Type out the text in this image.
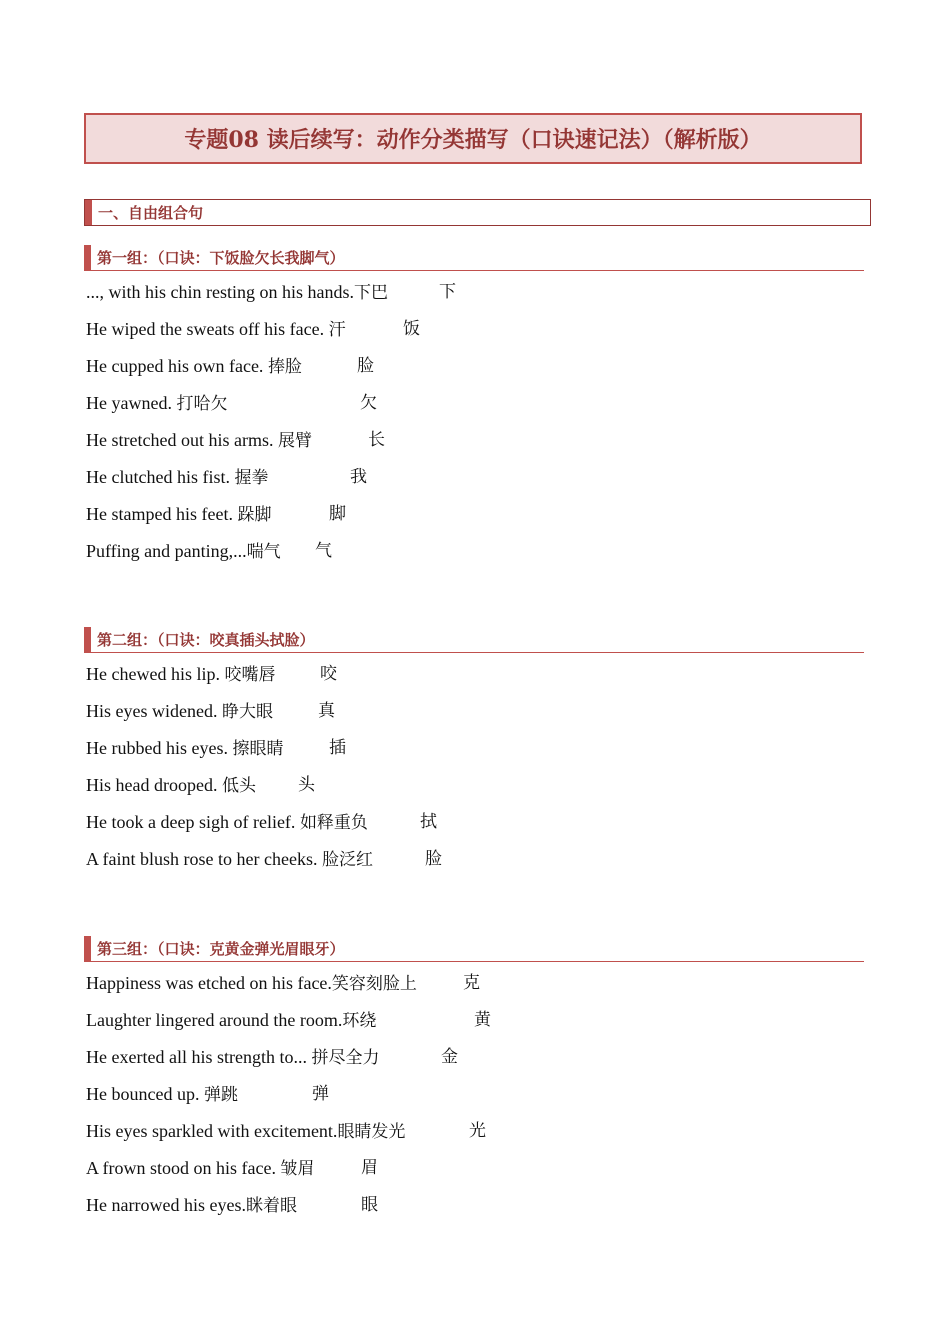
专题08 读后续写：动作分类描写（口诀速记法）（解析版）
一、自由组合句
第一组：（口诀：下饭脸欠长我脚气）
..., with his chin resting on his hands.下巴	下
He wiped the sweats off his face. 汗	饭
He cupped his own face. 捧脸	脸
He yawned. 打哈欠	欠
He stretched out his arms. 展臂	长
He clutched his fist. 握拳	我
He stamped his feet. 跺脚	脚
Puffing and panting,...喘气 气
第二组：（口诀：咬真插头拭脸）
He chewed his lip. 咬嘴唇	咬
His eyes widened. 睁大眼	真
He rubbed his eyes. 擦眼睛	插
His head drooped. 低头 头
He took a deep sigh of relief. 如释重负	拭
A faint blush rose to her cheeks. 脸泛红	脸
第三组：（口诀：克黄金弹光眉眼牙）
Happiness was etched on his face.笑容刻脸上	克
Laughter lingered around the room.环绕	黄
He exerted all his strength to... 拼尽全力	金
He bounced up. 弹跳	弹
His eyes sparkled with excitement.眼睛发光	光
A frown stood on his face. 皱眉	眉
He narrowed his eyes.眯着眼	眼
